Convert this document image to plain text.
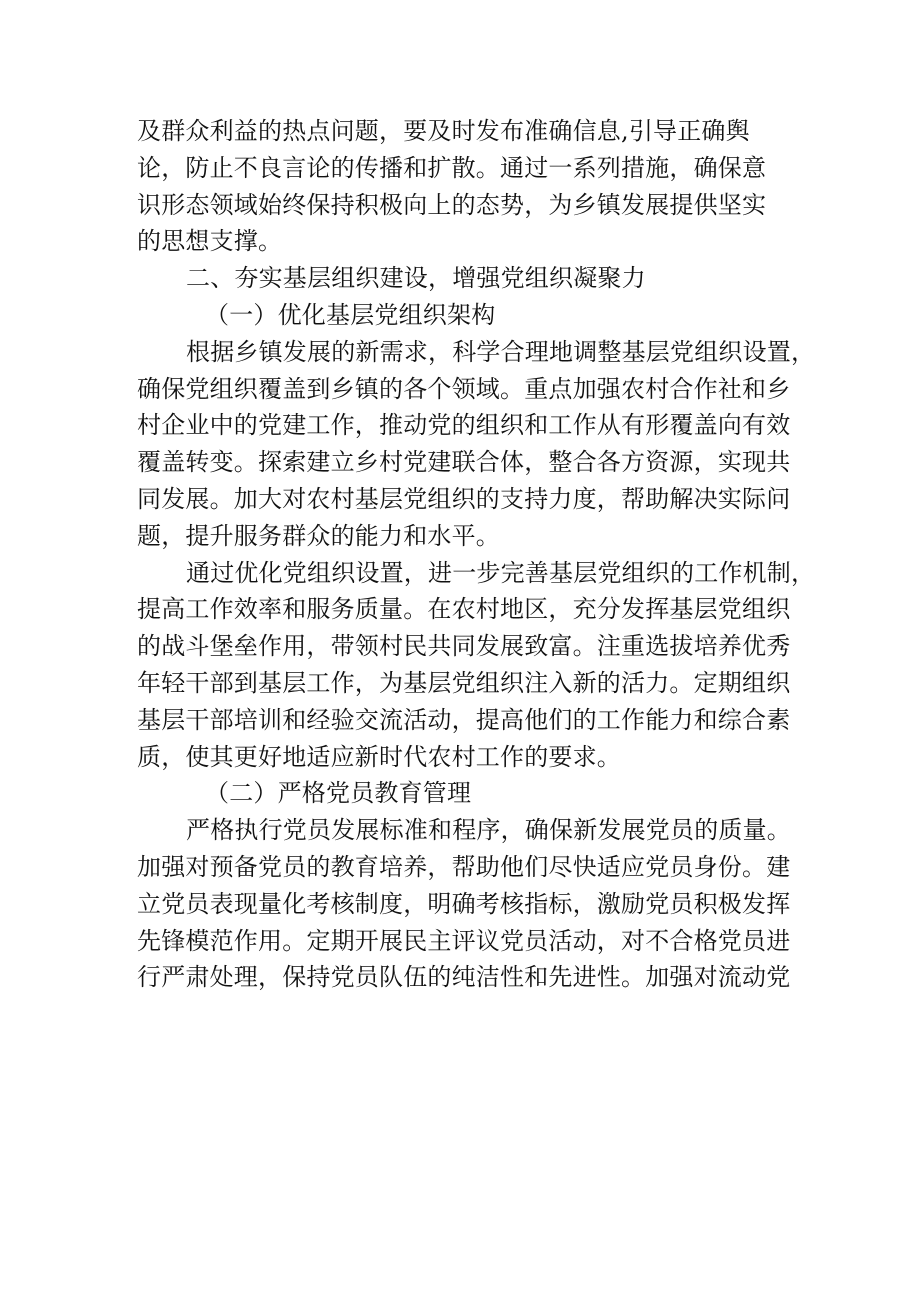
及群众利益的热点问题，要及时发布准确信息,引导正确舆
论，防止不良言论的传播和扩散。通过一系列措施，确保意
识形态领域始终保持积极向上的态势，为乡镇发展提供坚实
的思想支撑。
二、夯实基层组织建设，增强党组织凝聚力
（一）优化基层党组织架构
根据乡镇发展的新需求，科学合理地调整基层党组织设置，
确保党组织覆盖到乡镇的各个领域。重点加强农村合作社和乡
村企业中的党建工作，推动党的组织和工作从有形覆盖向有效
覆盖转变。探索建立乡村党建联合体，整合各方资源，实现共
同发展。加大对农村基层党组织的支持力度，帮助解决实际问
题，提升服务群众的能力和水平。
通过优化党组织设置，进一步完善基层党组织的工作机制，
提高工作效率和服务质量。在农村地区，充分发挥基层党组织
的战斗堡垒作用，带领村民共同发展致富。注重选拔培养优秀
年轻干部到基层工作，为基层党组织注入新的活力。定期组织
基层干部培训和经验交流活动，提高他们的工作能力和综合素
质，使其更好地适应新时代农村工作的要求。
（二）严格党员教育管理
严格执行党员发展标准和程序，确保新发展党员的质量。
加强对预备党员的教育培养，帮助他们尽快适应党员身份。建
立党员表现量化考核制度，明确考核指标，激励党员积极发挥
先锋模范作用。定期开展民主评议党员活动，对不合格党员进
行严肃处理，保持党员队伍的纯洁性和先进性。加强对流动党
